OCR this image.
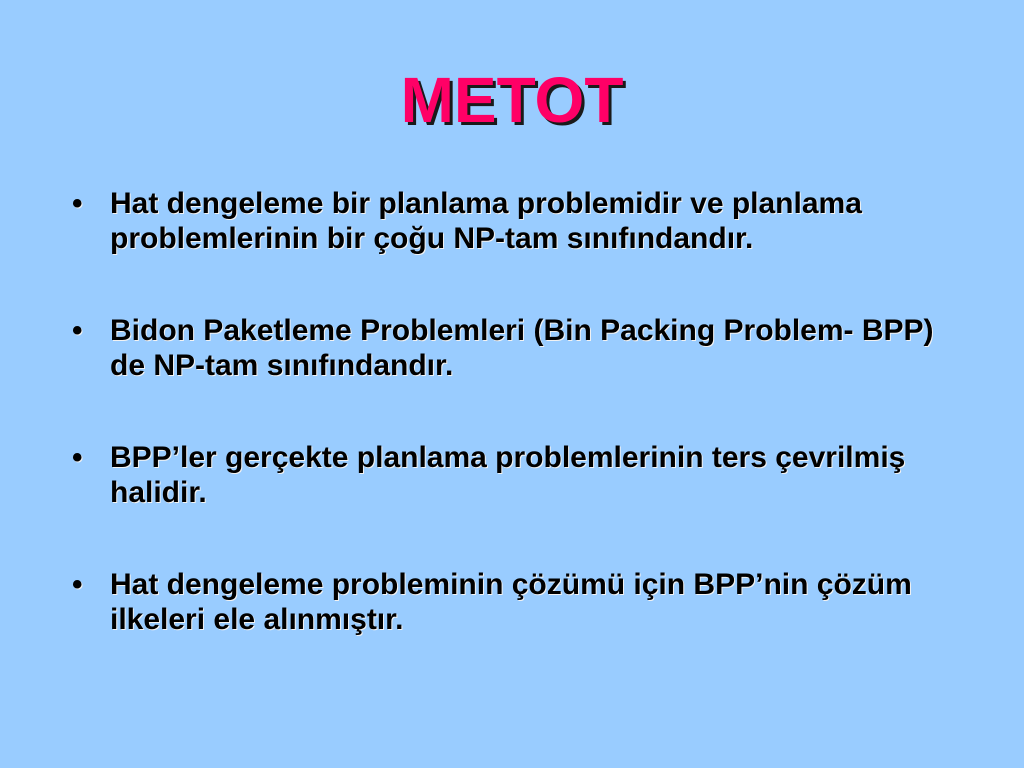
METOT
• Hat dengeleme bir planlama problemidir ve planlama problemlerinin bir çoğu NP-tam sınıfındandır.
• Bidon Paketleme Problemleri (Bin Packing Problem- BPP) de NP-tam sınıfındandır.
• BPP’ler gerçekte planlama problemlerinin ters çevrilmiş halidir.
• Hat dengeleme probleminin çözümü için BPP’nin çözüm ilkeleri ele alınmıştır.
